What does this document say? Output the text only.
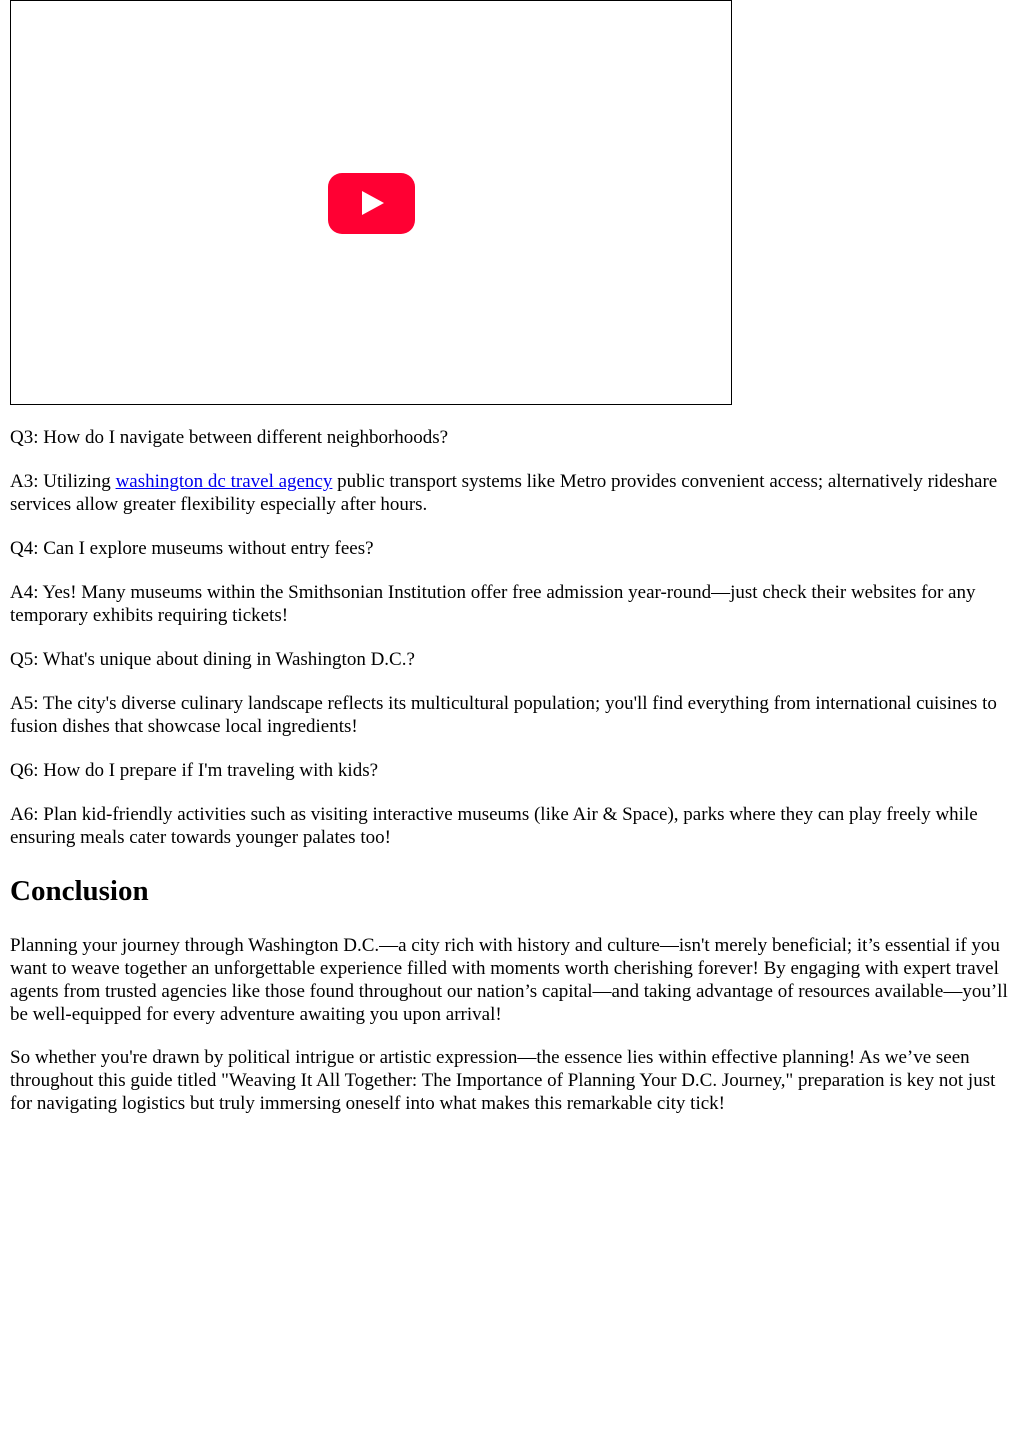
Q3: How do I navigate between different neighborhoods?

A3: Utilizing washington dc travel agency public transport systems like Metro provides convenient access; alternatively rideshare services allow greater flexibility especially after hours.

Q4: Can I explore museums without entry fees?

A4: Yes! Many museums within the Smithsonian Institution offer free admission year-round—just check their websites for any temporary exhibits requiring tickets!

Q5: What's unique about dining in Washington D.C.?

A5: The city's diverse culinary landscape reflects its multicultural population; you'll find everything from international cuisines to fusion dishes that showcase local ingredients!

Q6: How do I prepare if I'm traveling with kids?

A6: Plan kid-friendly activities such as visiting interactive museums (like Air & Space), parks where they can play freely while ensuring meals cater towards younger palates too!

Conclusion

Planning your journey through Washington D.C.—a city rich with history and culture—isn't merely beneficial; it’s essential if you want to weave together an unforgettable experience filled with moments worth cherishing forever! By engaging with expert travel agents from trusted agencies like those found throughout our nation’s capital—and taking advantage of resources available—you’ll be well-equipped for every adventure awaiting you upon arrival!

So whether you're drawn by political intrigue or artistic expression—the essence lies within effective planning! As we’ve seen throughout this guide titled "Weaving It All Together: The Importance of Planning Your D.C. Journey," preparation is key not just for navigating logistics but truly immersing oneself into what makes this remarkable city tick!
